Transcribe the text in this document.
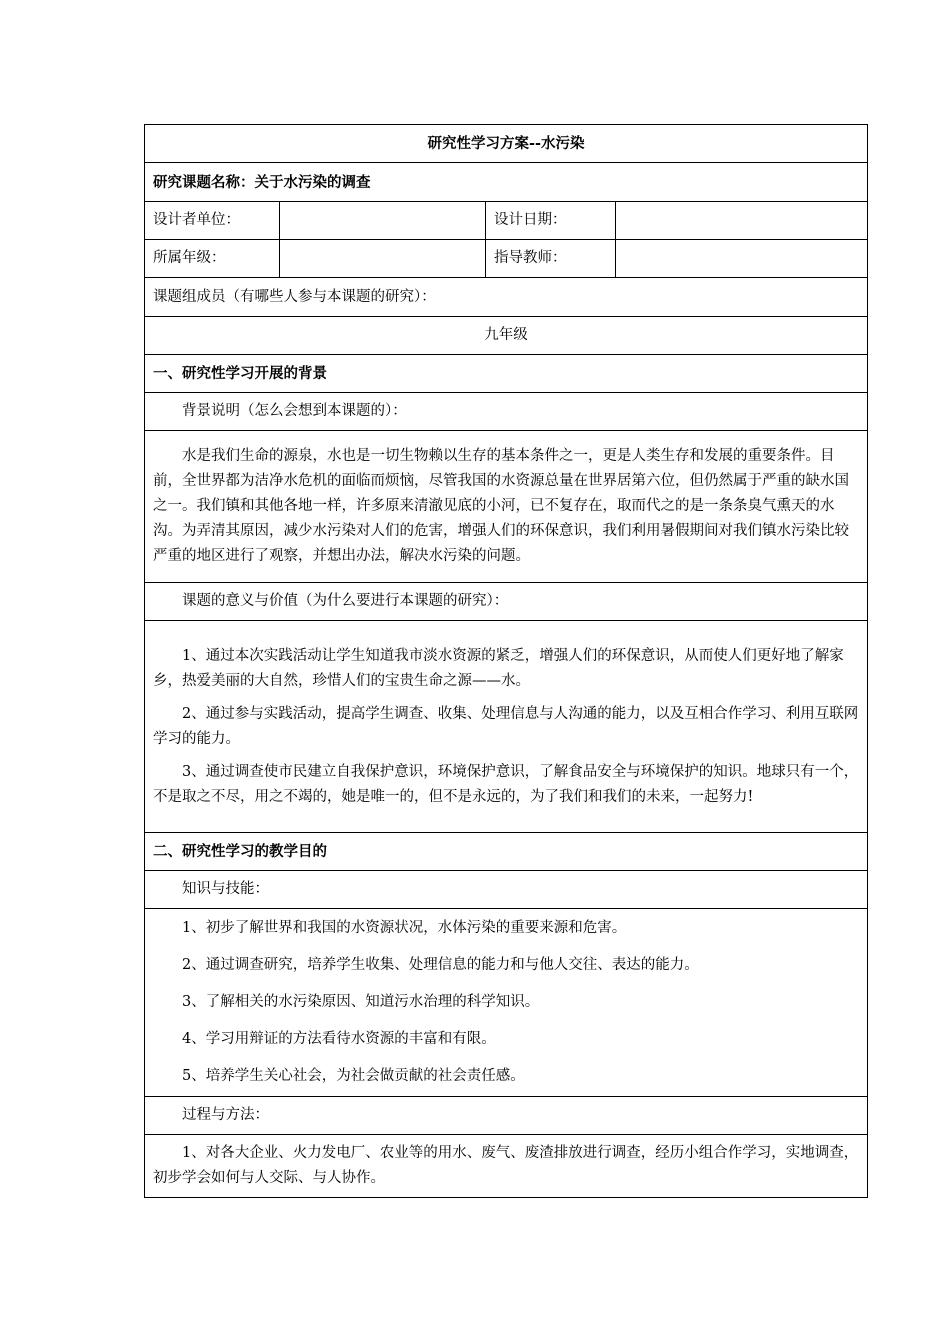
研究性学习方案--水污染			
研究课题名称：关于水污染的调查			
设计者单位：		设计日期：	
所属年级：		指导教师：	
课题组成员（有哪些人参与本课题的研究）：			
九年级			
一、研究性学习开展的背景			
背景说明（怎么会想到本课题的）：			

水是我们生命的源泉，水也是一切生物赖以生存的基本条件之一，更是人类生存和发展的重要条件。目前，全世界都为洁净水危机的面临而烦恼，尽管我国的水资源总量在世界居第六位，但仍然属于严重的缺水国之一。我们镇和其他各地一样，许多原来清澈见底的小河，已不复存在，取而代之的是一条条臭气熏天的水沟。为弄清其原因，减少水污染对人们的危害，增强人们的环保意识，我们利用暑假期间对我们镇水污染比较严重的地区进行了观察，并想出办法，解决水污染的问题。			

课题的意义与价值（为什么要进行本课题的研究）：			

1、通过本次实践活动让学生知道我市淡水资源的紧乏，增强人们的环保意识，从而使人们更好地了解家乡，热爱美丽的大自然，珍惜人们的宝贵生命之源——水。

2、通过参与实践活动，提高学生调查、收集、处理信息与人沟通的能力，以及互相合作学习、利用互联网学习的能力。

3、通过调查使市民建立自我保护意识，环境保护意识，了解食品安全与环境保护的知识。地球只有一个，不是取之不尽，用之不竭的，她是唯一的，但不是永远的，为了我们和我们的未来，一起努力!			

二、研究性学习的教学目的			
知识与技能：			

1、初步了解世界和我国的水资源状况，水体污染的重要来源和危害。

2、通过调查研究，培养学生收集、处理信息的能力和与他人交往、表达的能力。

3、了解相关的水污染原因、知道污水治理的科学知识。

4、学习用辩证的方法看待水资源的丰富和有限。

5、培养学生关心社会，为社会做贡献的社会责任感。			

过程与方法：			

1、对各大企业、火力发电厂、农业等的用水、废气、废渣排放进行调查，经历小组合作学习，实地调查，初步学会如何与人交际、与人协作。			
